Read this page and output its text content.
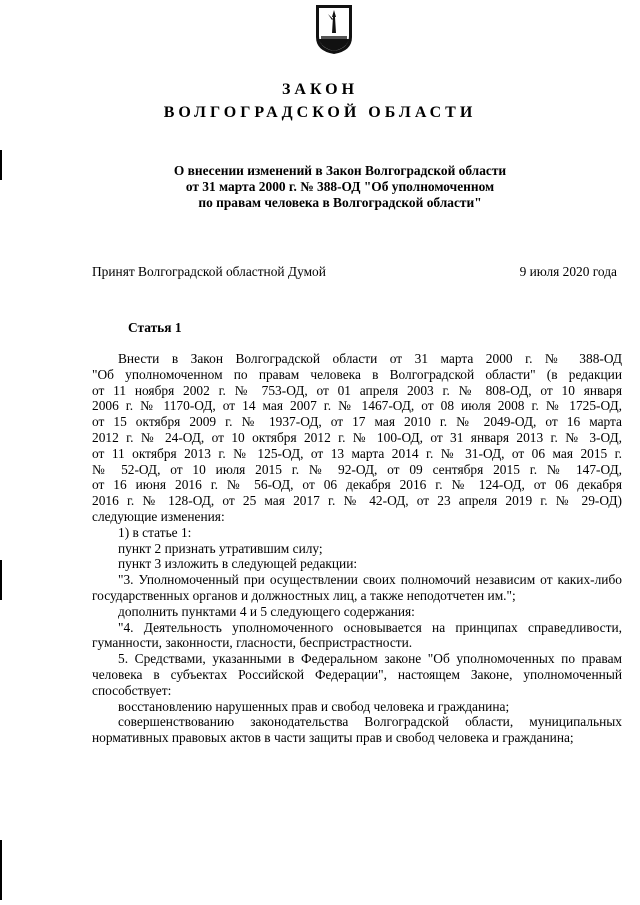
ЗАКОН
ВОЛГОГРАДСКОЙ ОБЛАСТИ
О внесении изменений в Закон Волгоградской области
от 31 марта 2000 г. № 388-ОД "Об уполномоченном
по правам человека в Волгоградской области"
Принят Волгоградской областной Думой	9 июля 2020 года
Статья 1
Внести в Закон Волгоградской области от 31 марта 2000 г. № 388-ОД
"Об уполномоченном по правам человека в Волгоградской области" (в редакции
от 11 ноября 2002 г. № 753-ОД, от 01 апреля 2003 г. № 808-ОД, от 10 января
2006 г. № 1170-ОД, от 14 мая 2007 г. № 1467-ОД, от 08 июля 2008 г. № 1725-ОД,
от 15 октября 2009 г. № 1937-ОД, от 17 мая 2010 г. № 2049-ОД, от 16 марта
2012 г. № 24-ОД, от 10 октября 2012 г. № 100-ОД, от 31 января 2013 г. № 3-ОД,
от 11 октября 2013 г. № 125-ОД, от 13 марта 2014 г. № 31-ОД, от 06 мая 2015 г.
№ 52-ОД, от 10 июля 2015 г. № 92-ОД, от 09 сентября 2015 г. № 147-ОД,
от 16 июня 2016 г. № 56-ОД, от 06 декабря 2016 г. № 124-ОД, от 06 декабря
2016 г. № 128-ОД, от 25 мая 2017 г. № 42-ОД, от 23 апреля 2019 г. № 29-ОД)
следующие изменения:
1) в статье 1:
пункт 2 признать утратившим силу;
пункт 3 изложить в следующей редакции:
"3. Уполномоченный при осуществлении своих полномочий независим от каких-либо государственных органов и должностных лиц, а также неподотчетен им.";
дополнить пунктами 4 и 5 следующего содержания:
"4. Деятельность уполномоченного основывается на принципах справедливости, гуманности, законности, гласности, беспристрастности.
5. Средствами, указанными в Федеральном законе "Об уполномоченных по правам человека в субъектах Российской Федерации", настоящем Законе, уполномоченный способствует:
восстановлению нарушенных прав и свобод человека и гражданина;
совершенствованию законодательства Волгоградской области, муниципальных нормативных правовых актов в части защиты прав и свобод человека и гражданина;
